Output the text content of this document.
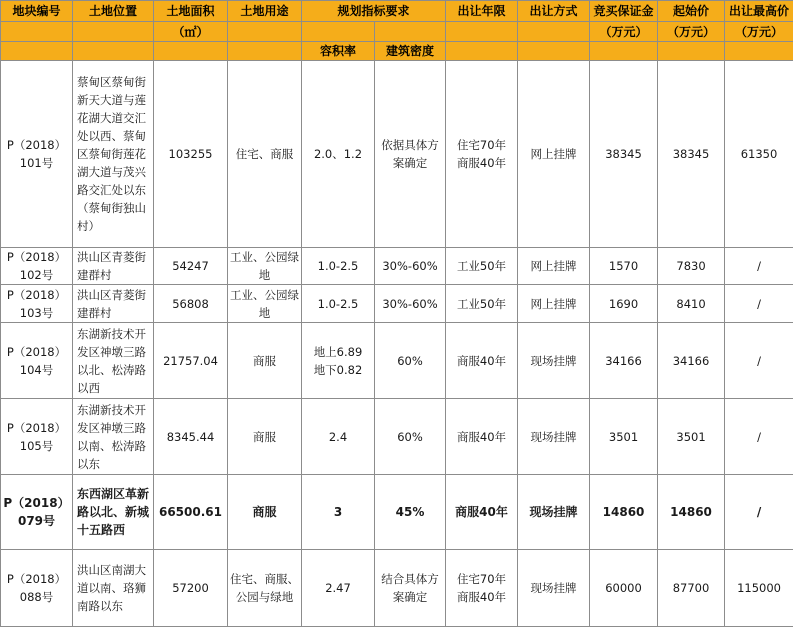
地块编号	土地位置	土地面积	土地用途	规划指标要求		出让年限	出让方式	竞买保证金	起始价	出让最高价
		（㎡）						（万元）	（万元）	（万元）
				容积率	建筑密度					
P（2018）
101号	蔡甸区蔡甸街新天大道与莲花湖大道交汇处以西、蔡甸区蔡甸街莲花湖大道与茂兴路交汇处以东（蔡甸街独山村）	103255	住宅、商服	2.0、1.2	依据具体方案确定	住宅70年
商服40年	网上挂牌	38345	38345	61350
P（2018）
102号	洪山区青菱街建群村	54247	工业、公园绿地	1.0-2.5	30%-60%	工业50年	网上挂牌	1570	7830	/
P（2018）
103号	洪山区青菱街建群村	56808	工业、公园绿地	1.0-2.5	30%-60%	工业50年	网上挂牌	1690	8410	/
P（2018）
104号	东湖新技术开发区神墩三路以北、松涛路以西	21757.04	商服	地上6.89
地下0.82	60%	商服40年	现场挂牌	34166	34166	/
P（2018）
105号	东湖新技术开发区神墩三路以南、松涛路以东	8345.44	商服	2.4	60%	商服40年	现场挂牌	3501	3501	/
P（2018）
079号	东西湖区革新路以北、新城十五路西	66500.61	商服	3	45%	商服40年	现场挂牌	14860	14860	/
P（2018）
088号	洪山区南湖大道以南、珞狮南路以东	57200	住宅、商服、公园与绿地	2.47	结合具体方案确定	住宅70年
商服40年	现场挂牌	60000	87700	115000
